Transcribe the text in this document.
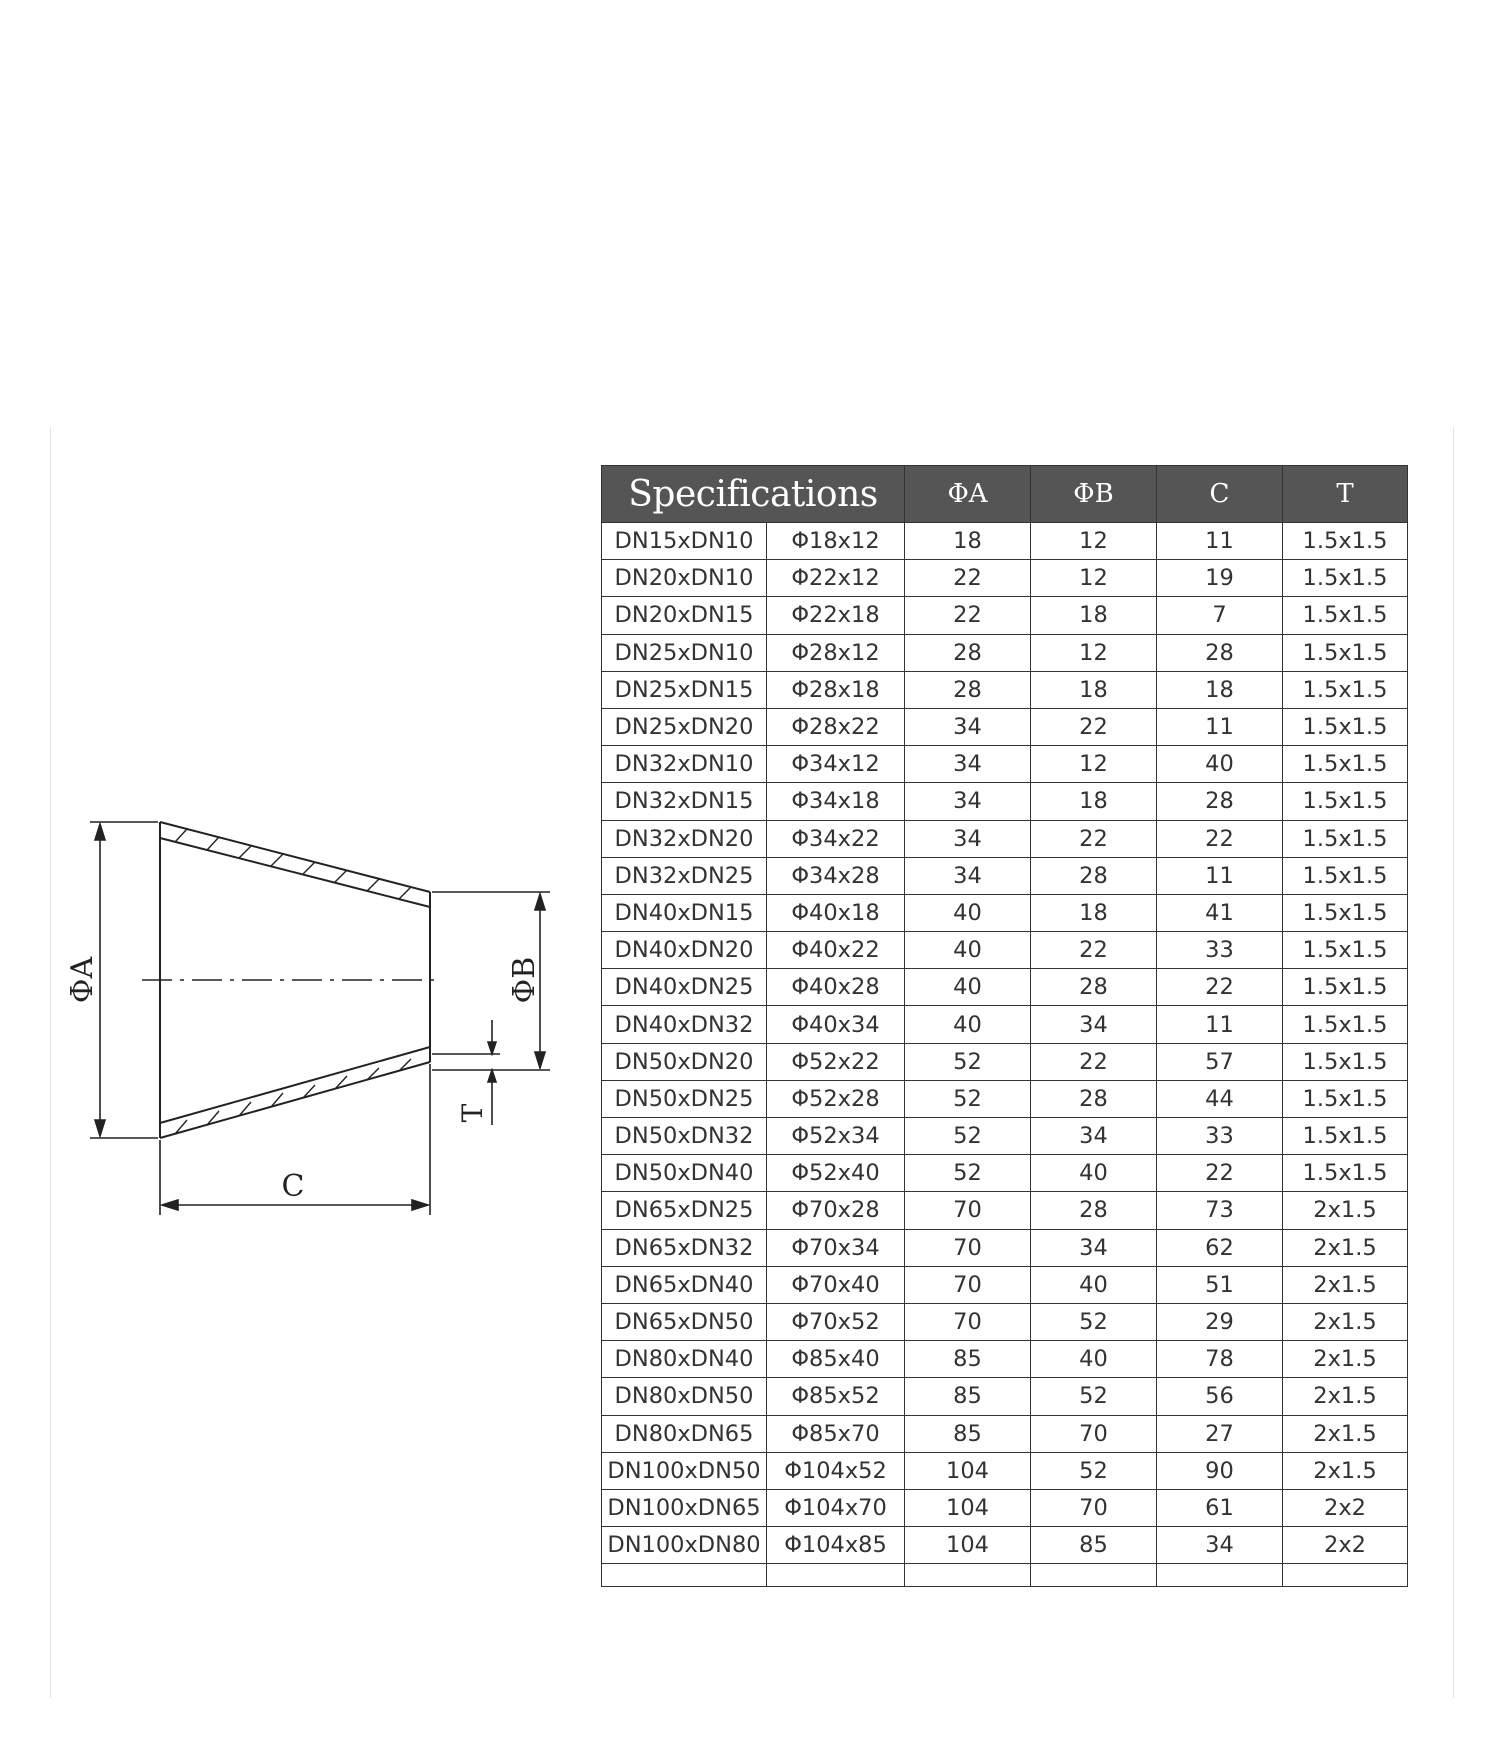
ΦA	ΦB
T
C
Specifications		ΦA	ΦB	C	T
DN15xDN10	Φ18x12	18	12	11	1.5x1.5
DN20xDN10	Φ22x12	22	12	19	1.5x1.5
DN20xDN15	Φ22x18	22	18	7	1.5x1.5
DN25xDN10	Φ28x12	28	12	28	1.5x1.5
DN25xDN15	Φ28x18	28	18	18	1.5x1.5
DN25xDN20	Φ28x22	34	22	11	1.5x1.5
DN32xDN10	Φ34x12	34	12	40	1.5x1.5
DN32xDN15	Φ34x18	34	18	28	1.5x1.5
DN32xDN20	Φ34x22	34	22	22	1.5x1.5
DN32xDN25	Φ34x28	34	28	11	1.5x1.5
DN40xDN15	Φ40x18	40	18	41	1.5x1.5
DN40xDN20	Φ40x22	40	22	33	1.5x1.5
DN40xDN25	Φ40x28	40	28	22	1.5x1.5
DN40xDN32	Φ40x34	40	34	11	1.5x1.5
DN50xDN20	Φ52x22	52	22	57	1.5x1.5
DN50xDN25	Φ52x28	52	28	44	1.5x1.5
DN50xDN32	Φ52x34	52	34	33	1.5x1.5
DN50xDN40	Φ52x40	52	40	22	1.5x1.5
DN65xDN25	Φ70x28	70	28	73	2x1.5
DN65xDN32	Φ70x34	70	34	62	2x1.5
DN65xDN40	Φ70x40	70	40	51	2x1.5
DN65xDN50	Φ70x52	70	52	29	2x1.5
DN80xDN40	Φ85x40	85	40	78	2x1.5
DN80xDN50	Φ85x52	85	52	56	2x1.5
DN80xDN65	Φ85x70	85	70	27	2x1.5
DN100xDN50	Φ104x52	104	52	90	2x1.5
DN100xDN65	Φ104x70	104	70	61	2x2
DN100xDN80	Φ104x85	104	85	34	2x2
